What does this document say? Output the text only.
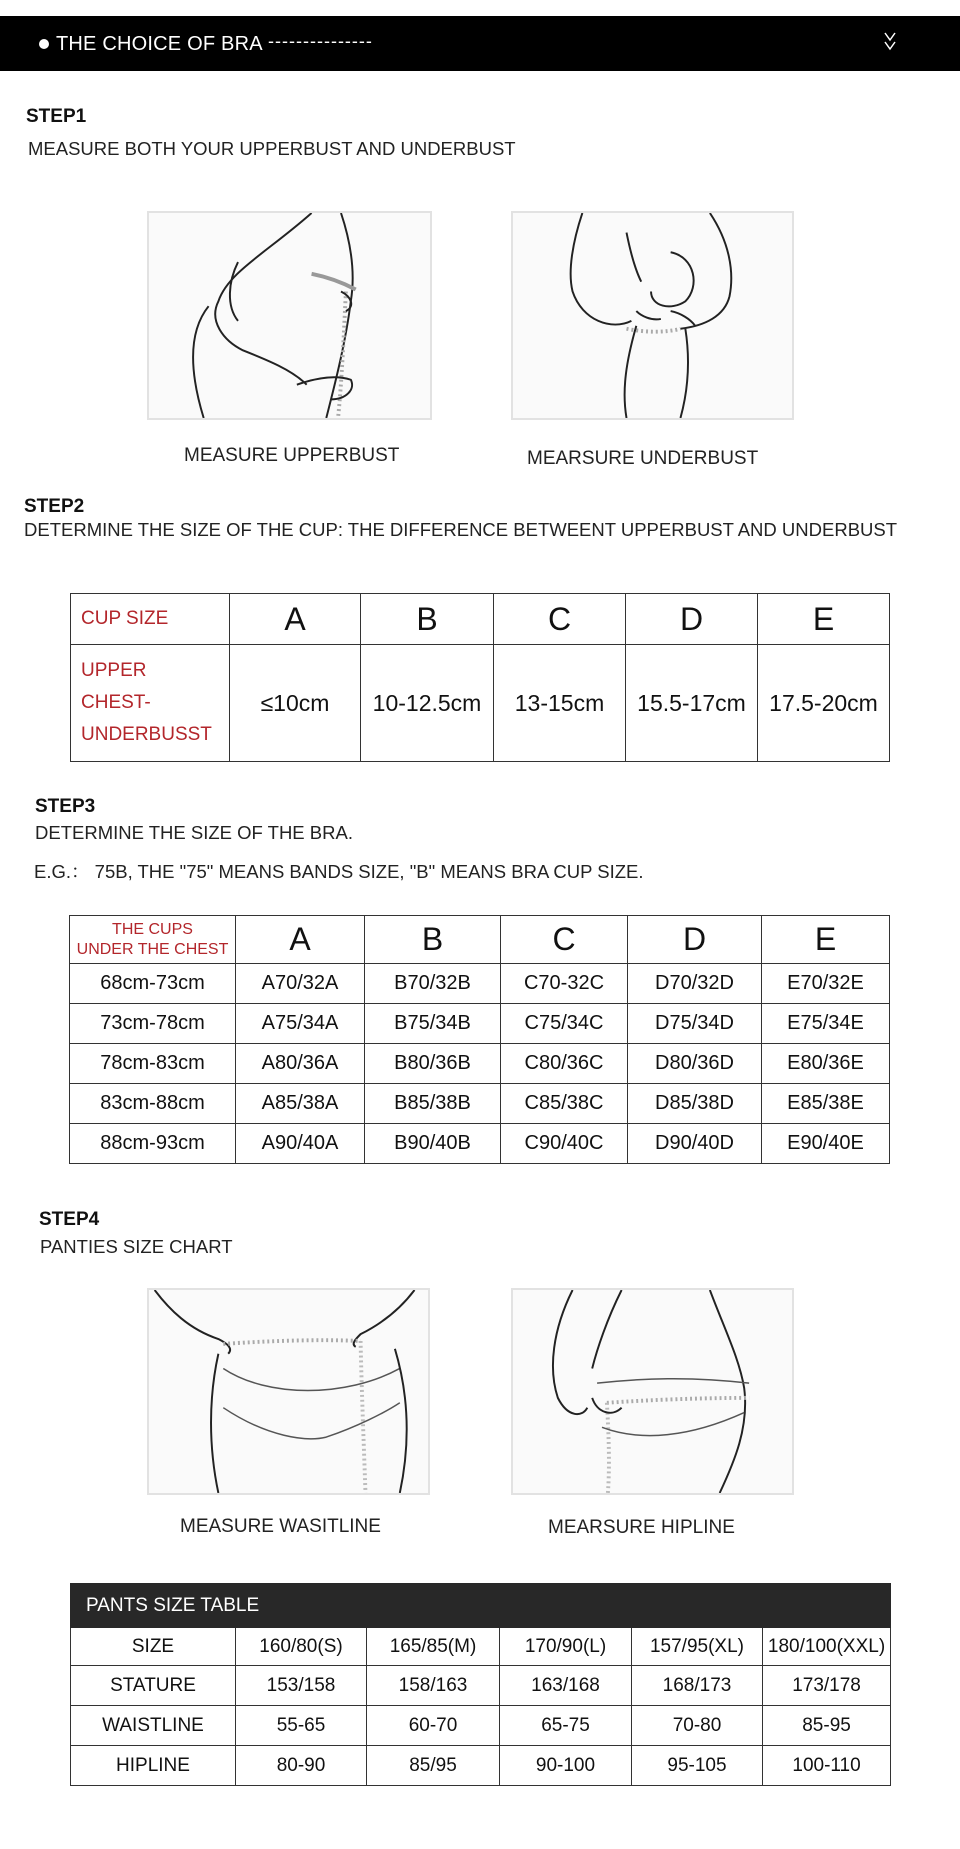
THE CHOICE OF BRA ---------------
STEP1
MEASURE BOTH YOUR UPPERBUST AND UNDERBUST
MEASURE UPPERBUST	MEARSURE UNDERBUST
STEP2
DETERMINE THE SIZE OF THE CUP: THE DIFFERENCE BETWEENT UPPERBUST AND UNDERBUST
CUP SIZE	A	B	C	D	E

UPPER
CHEST-
UNDERBUSST	≤10cm	10-12.5cm	13-15cm	15.5-17cm	17.5-20cm
STEP3
DETERMINE THE SIZE OF THE BRA.
E.G.： 75B, THE "75" MEANS BANDS SIZE, "B" MEANS BRA CUP SIZE.
THE CUPS
UNDER THE CHEST	A	B	C	D	E
68cm-73cm	A70/32A	B70/32B	C70-32C	D70/32D	E70/32E
73cm-78cm	A75/34A	B75/34B	C75/34C	D75/34D	E75/34E
78cm-83cm	A80/36A	B80/36B	C80/36C	D80/36D	E80/36E
83cm-88cm	A85/38A	B85/38B	C85/38C	D85/38D	E85/38E
88cm-93cm	A90/40A	B90/40B	C90/40C	D90/40D	E90/40E
STEP4
PANTIES SIZE CHART
MEASURE WASITLINE	MEARSURE HIPLINE
PANTS SIZE TABLE					
SIZE	160/80(S)	165/85(M)	170/90(L)	157/95(XL)	180/100(XXL)
STATURE	153/158	158/163	163/168	168/173	173/178
WAISTLINE	55-65	60-70	65-75	70-80	85-95
HIPLINE	80-90	85/95	90-100	95-105	100-110
